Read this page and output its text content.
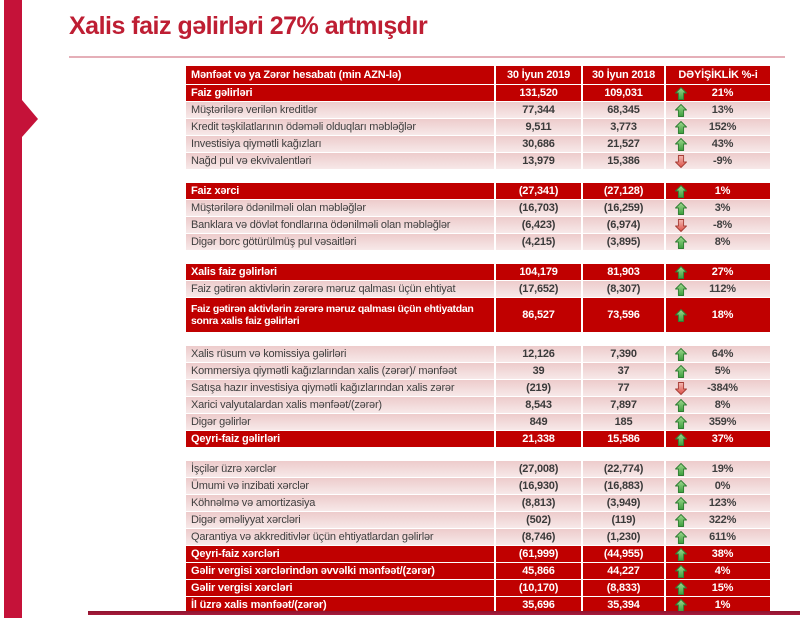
Xalis faiz gəlirləri 27% artmışdır
Mənfəət və ya Zərər hesabatı (min AZN-lə)	30 İyun 2019	30 İyun 2018	DƏYİŞİKLİK %-i
Faiz gəlirləri	131,520	109,031	21%
Müştərilərə verilən kreditlər	77,344	68,345	13%
Kredit təşkilatlarının ödəməli olduqları məbləğlər	9,511	3,773	152%
Investisiya qiymətli kağızları	30,686	21,527	43%
Nağd pul və ekvivalentləri	13,979	15,386	-9%
Faiz xərci	(27,341)	(27,128)	1%
Müştərilərə ödənilməli olan məbləğlər	(16,703)	(16,259)	3%
Banklara və dövlət fondlarına ödənilməli olan məbləğlər	(6,423)	(6,974)	-8%
Digər borc götürülmüş pul vəsaitləri	(4,215)	(3,895)	8%
Xalis faiz gəlirləri	104,179	81,903	27%
Faiz gətirən aktivlərin zərərə məruz qalması üçün ehtiyat	(17,652)	(8,307)	112%
Faiz gətirən aktivlərin zərərə məruz qalması üçün ehtiyatdan sonra xalis faiz gəlirləri	86,527	73,596	18%
Xalis rüsum və komissiya gəlirləri	12,126	7,390	64%
Kommersiya qiymətli kağızlarından xalis (zərər)/ mənfəət	39	37	5%
Satışa hazır investisiya qiymətli kağızlarından xalis zərər	(219)	77	-384%
Xarici valyutalardan xalis mənfəət/(zərər)	8,543	7,897	8%
Digər gəlirlər	849	185	359%
Qeyri-faiz gəlirləri	21,338	15,586	37%
İşçilər üzrə xərclər	(27,008)	(22,774)	19%
Ümumi və inzibati xərclər	(16,930)	(16,883)	0%
Köhnəlmə və amortizasiya	(8,813)	(3,949)	123%
Digər əməliyyat xərcləri	(502)	(119)	322%
Qarantiya və akkreditivlər üçün ehtiyatlardan gəlirlər	(8,746)	(1,230)	611%
Qeyri-faiz xərcləri	(61,999)	(44,955)	38%
Gəlir vergisi xərclərindən əvvəlki mənfəət/(zərər)	45,866	44,227	4%
Gəlir vergisi xərcləri	(10,170)	(8,833)	15%
İl üzrə xalis mənfəət/(zərər)	35,696	35,394	1%
